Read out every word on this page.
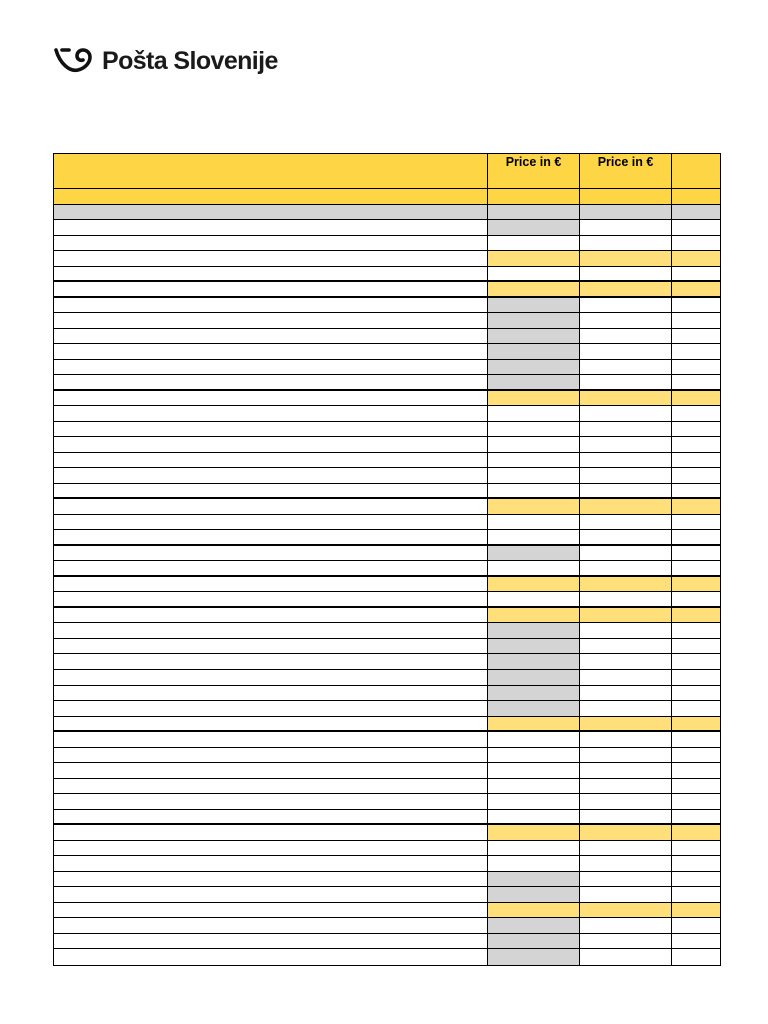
Pošta Slovenije
Price in €	Price in €
